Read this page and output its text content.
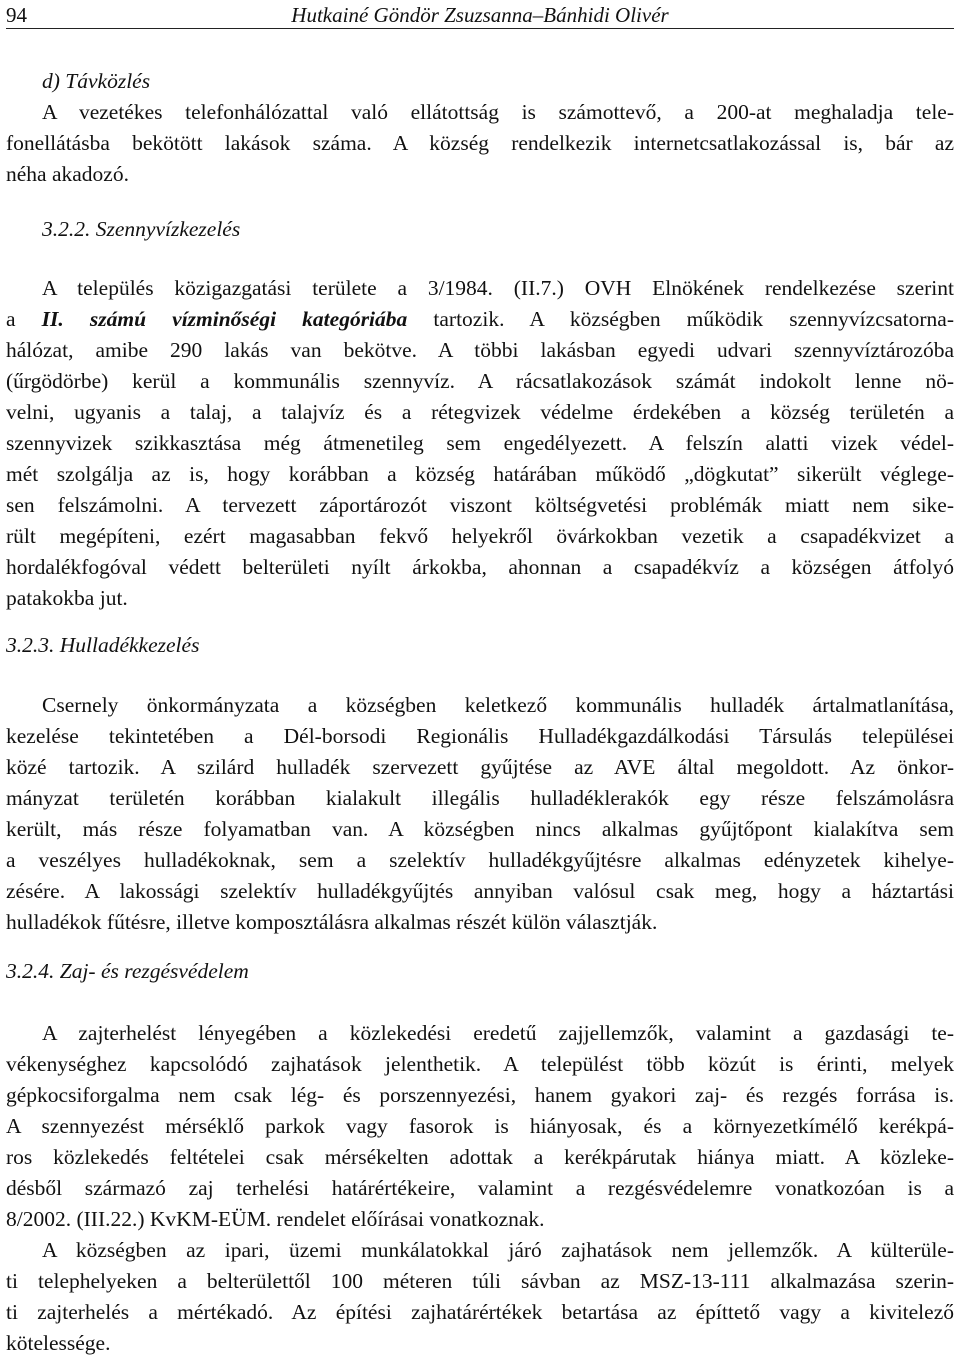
94	Hutkainé Göndör Zsuzsanna–Bánhidi Olivér
d) Távközlés
A vezetékes telefonhálózattal való ellátottság is számottevő, a 200-at meghaladja tele-
fonellátásba bekötött lakások száma. A község rendelkezik internetcsatlakozással is, bár az
néha akadozó.
3.2.2. Szennyvízkezelés
A település közigazgatási területe a 3/1984. (II.7.) OVH Elnökének rendelkezése szerint
a II. számú vízminőségi kategóriába tartozik. A községben működik szennyvízcsatorna-
hálózat, amibe 290 lakás van bekötve. A többi lakásban egyedi udvari szennyvíztározóba
(űrgödörbe) kerül a kommunális szennyvíz. A rácsatlakozások számát indokolt lenne nö-
velni, ugyanis a talaj, a talajvíz és a rétegvizek védelme érdekében a község területén a
szennyvizek szikkasztása még átmenetileg sem engedélyezett. A felszín alatti vizek védel-
mét szolgálja az is, hogy korábban a község határában működő „dögkutat” sikerült véglege-
sen felszámolni. A tervezett záportározót viszont költségvetési problémák miatt nem sike-
rült megépíteni, ezért magasabban fekvő helyekről övárkokban vezetik a csapadékvizet a
hordalékfogóval védett belterületi nyílt árkokba, ahonnan a csapadékvíz a községen átfolyó
patakokba jut.
3.2.3. Hulladékkezelés
Csernely önkormányzata a községben keletkező kommunális hulladék ártalmatlanítása,
kezelése tekintetében a Dél-borsodi Regionális Hulladékgazdálkodási Társulás települései
közé tartozik. A szilárd hulladék szervezett gyűjtése az AVE által megoldott. Az önkor-
mányzat területén korábban kialakult illegális hulladéklerakók egy része felszámolásra
került, más része folyamatban van. A községben nincs alkalmas gyűjtőpont kialakítva sem
a veszélyes hulladékoknak, sem a szelektív hulladékgyűjtésre alkalmas edényzetek kihelye-
zésére. A lakossági szelektív hulladékgyűjtés annyiban valósul csak meg, hogy a háztartási
hulladékok fűtésre, illetve komposztálásra alkalmas részét külön választják.
3.2.4. Zaj- és rezgésvédelem
A zajterhelést lényegében a közlekedési eredetű zajjellemzők, valamint a gazdasági te-
vékenységhez kapcsolódó zajhatások jelenthetik. A települést több közút is érinti, melyek
gépkocsiforgalma nem csak lég- és porszennyezési, hanem gyakori zaj- és rezgés forrása is.
A szennyezést mérséklő parkok vagy fasorok is hiányosak, és a környezetkímélő kerékpá-
ros közlekedés feltételei csak mérsékelten adottak a kerékpárutak hiánya miatt. A közleke-
désből származó zaj terhelési határértékeire, valamint a rezgésvédelemre vonatkozóan is a
8/2002. (III.22.) KvKM-EÜM. rendelet előírásai vonatkoznak.
A községben az ipari, üzemi munkálatokkal járó zajhatások nem jellemzők. A külterüle-
ti telephelyeken a belterülettől 100 méteren túli sávban az MSZ-13-111 alkalmazása szerin-
ti zajterhelés a mértékadó. Az építési zajhatárértékek betartása az építtető vagy a kivitelező
kötelessége.
